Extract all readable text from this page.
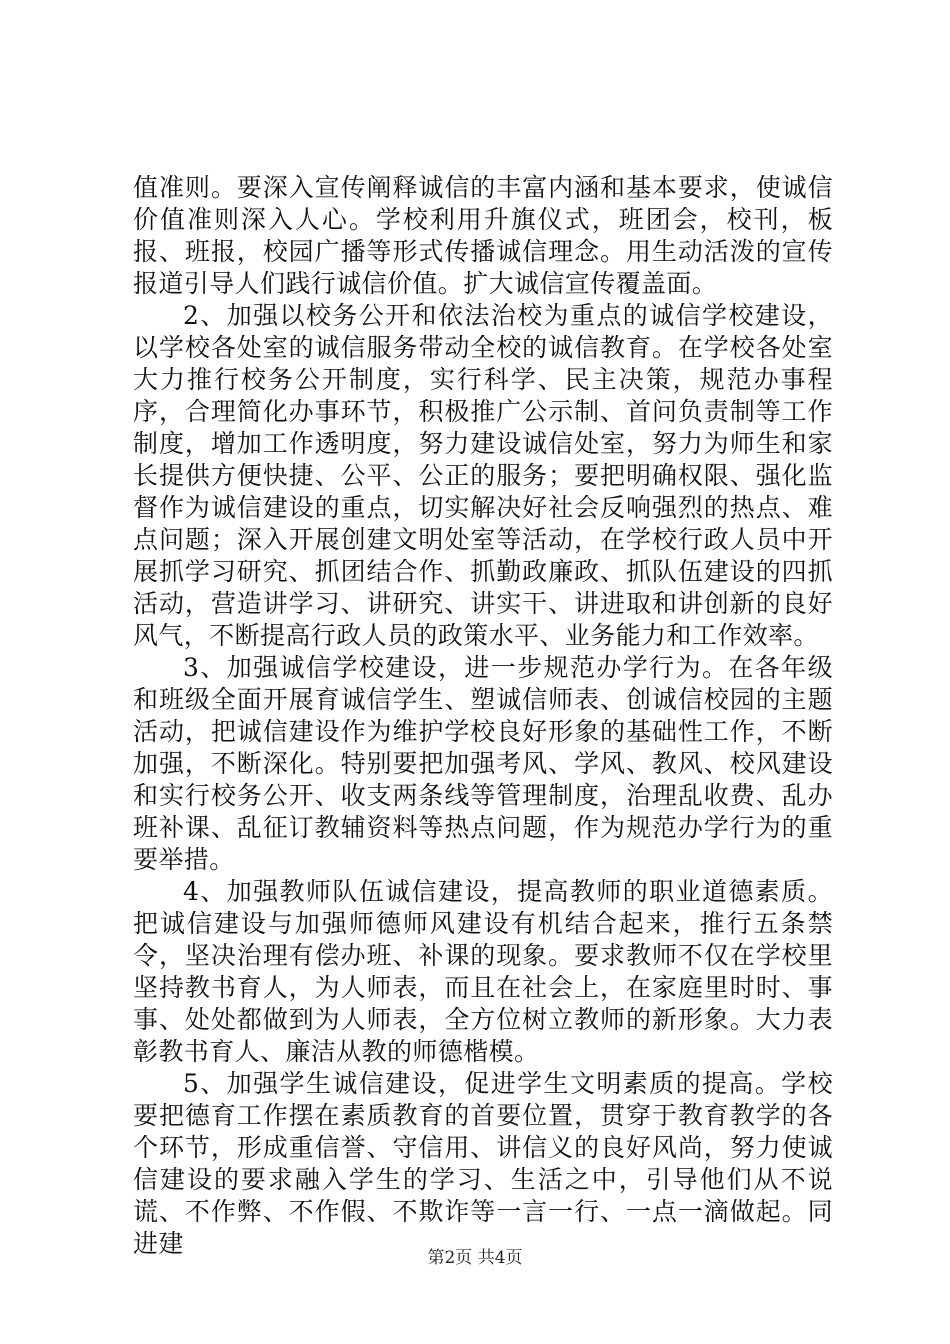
值准则。要深入宣传阐释诚信的丰富内涵和基本要求，使诚信价值准则深入人心。学校利用升旗仪式，班团会，校刊，板报、班报，校园广播等形式传播诚信理念。用生动活泼的宣传报道引导人们践行诚信价值。扩大诚信宣传覆盖面。

2、加强以校务公开和依法治校为重点的诚信学校建设，以学校各处室的诚信服务带动全校的诚信教育。在学校各处室大力推行校务公开制度，实行科学、民主决策，规范办事程序，合理简化办事环节，积极推广公示制、首问负责制等工作制度，增加工作透明度，努力建设诚信处室，努力为师生和家长提供方便快捷、公平、公正的服务；要把明确权限、强化监督作为诚信建设的重点，切实解决好社会反响强烈的热点、难点问题；深入开展创建文明处室等活动，在学校行政人员中开展抓学习研究、抓团结合作、抓勤政廉政、抓队伍建设的四抓活动，营造讲学习、讲研究、讲实干、讲进取和讲创新的良好风气，不断提高行政人员的政策水平、业务能力和工作效率。

3、加强诚信学校建设，进一步规范办学行为。在各年级和班级全面开展育诚信学生、塑诚信师表、创诚信校园的主题活动，把诚信建设作为维护学校良好形象的基础性工作，不断加强，不断深化。特别要把加强考风、学风、教风、校风建设和实行校务公开、收支两条线等管理制度，治理乱收费、乱办班补课、乱征订教辅资料等热点问题，作为规范办学行为的重要举措。

4、加强教师队伍诚信建设，提高教师的职业道德素质。把诚信建设与加强师德师风建设有机结合起来，推行五条禁令，坚决治理有偿办班、补课的现象。要求教师不仅在学校里坚持教书育人，为人师表，而且在社会上，在家庭里时时、事事、处处都做到为人师表，全方位树立教师的新形象。大力表彰教书育人、廉洁从教的师德楷模。

5、加强学生诚信建设，促进学生文明素质的提高。学校要把德育工作摆在素质教育的首要位置，贯穿于教育教学的各个环节，形成重信誉、守信用、讲信义的良好风尚，努力使诚信建设的要求融入学生的学习、生活之中，引导他们从不说谎、不作弊、不作假、不欺诈等一言一行、一点一滴做起。同进建	第2页 共4页
